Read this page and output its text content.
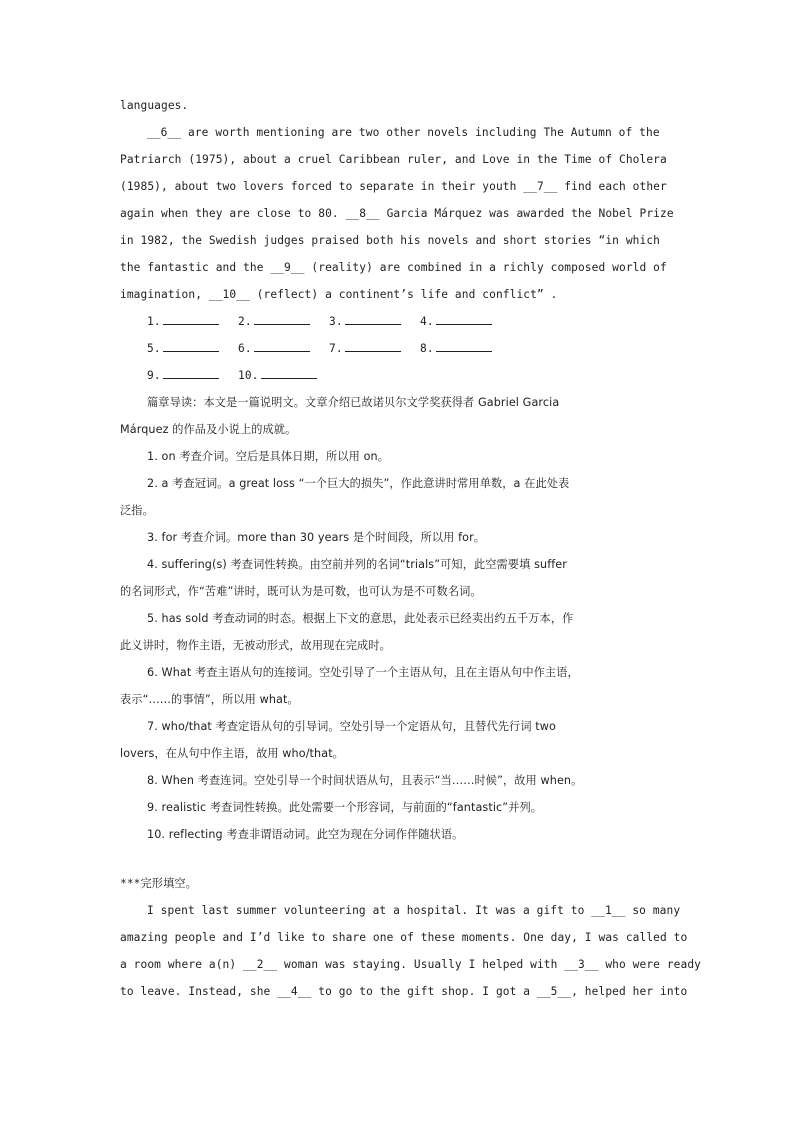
languages.
__6__ are worth mentioning are two other novels including The Autumn of the
Patriarch (1975), about a cruel Caribbean ruler, and Love in the Time of Cholera
(1985), about two lovers forced to separate in their youth __7__ find each other
again when they are close to 80. __8__ Garcia Márquez was awarded the Nobel Prize
in 1982, the Swedish judges praised both his novels and short stories “in which
the fantastic and the __9__ (reality) are combined in a richly composed world of
imagination, __10__ (reflect) a continent’s life and conflict” .
1.	2.	3.	4.
5.	6.	7.	8.
9.	10.
篇章导读：本文是一篇说明文。文章介绍已故诺贝尔文学奖获得者 Gabriel Garcia
Márquez 的作品及小说上的成就。
1. on 考查介词。空后是具体日期，所以用 on。
2. a 考查冠词。a great loss “一个巨大的损失”，作此意讲时常用单数，a 在此处表
泛指。
3. for 考查介词。more than 30 years 是个时间段，所以用 for。
4. suffering(s) 考查词性转换。由空前并列的名词“trials”可知，此空需要填 suffer
的名词形式，作“苦难”讲时，既可认为是可数，也可认为是不可数名词。
5. has sold 考查动词的时态。根据上下文的意思，此处表示已经卖出约五千万本，作
此义讲时，物作主语，无被动形式，故用现在完成时。
6. What 考查主语从句的连接词。空处引导了一个主语从句，且在主语从句中作主语，
表示“……的事情”，所以用 what。
7. who/that 考查定语从句的引导词。空处引导一个定语从句，且替代先行词 two
lovers，在从句中作主语，故用 who/that。
8. When 考查连词。空处引导一个时间状语从句，且表示“当……时候”，故用 when。
9. realistic 考查词性转换。此处需要一个形容词，与前面的“fantastic”并列。
10. reflecting 考查非谓语动词。此空为现在分词作伴随状语。
***完形填空。
I spent last summer volunteering at a hospital. It was a gift to __1__ so many
amazing people and I’d like to share one of these moments. One day, I was called to
a room where a(n) __2__ woman was staying. Usually I helped with __3__ who were ready
to leave. Instead, she __4__ to go to the gift shop. I got a __5__, helped her into
